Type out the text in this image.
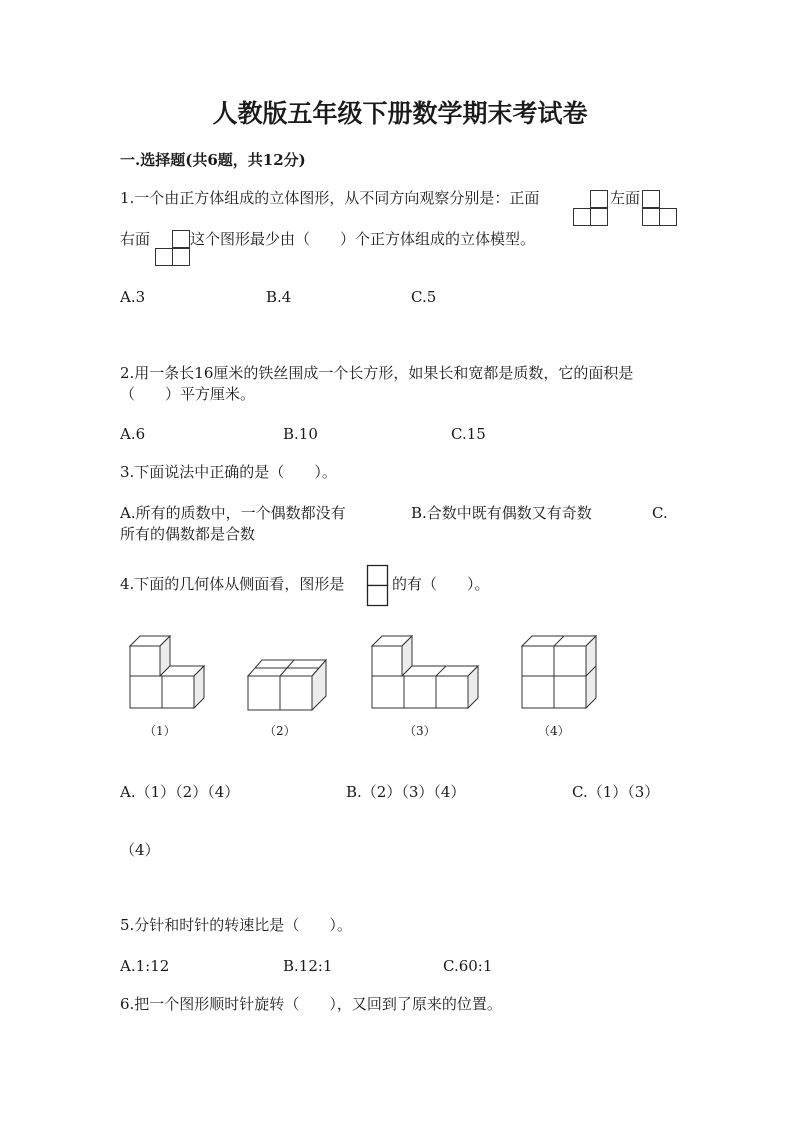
人教版五年级下册数学期末考试卷
一.选择题(共6题，共12分)
1.一个由正方体组成的立体图形，从不同方向观察分别是：正面	左面
右面	这个图形最少由（　　）个正方体组成的立体模型。
A.3	B.4	C.5
2.用一条长16厘米的铁丝围成一个长方形，如果长和宽都是质数，它的面积是
（　　）平方厘米。
A.6	B.10	C.15
3.下面说法中正确的是（　　）。
A.所有的质数中，一个偶数都没有	B.合数中既有偶数又有奇数	C.
所有的偶数都是合数
4.下面的几何体从侧面看，图形是	的有（　　）。
（1）	（2）	（3）	（4）
A.（1）（2）（4）	B.（2）（3）（4）	C.（1）（3）
（4）
5.分针和时针的转速比是（　　）。
A.1:12	B.12:1	C.60:1
6.把一个图形顺时针旋转（　　），又回到了原来的位置。
